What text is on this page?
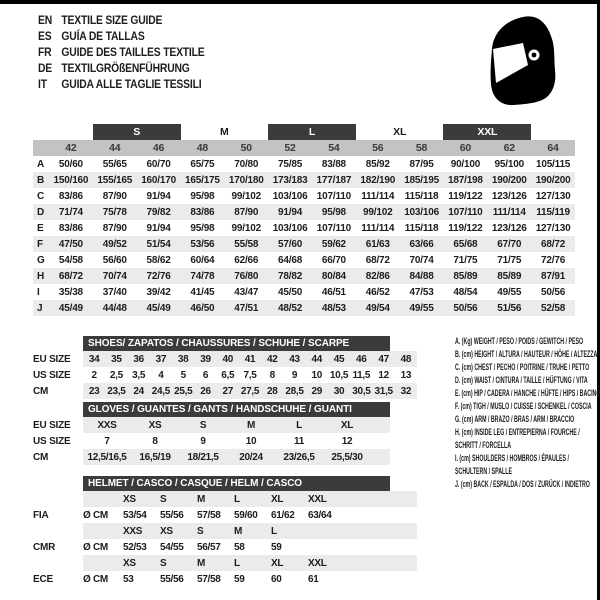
EN TEXTILE SIZE GUIDE
ES GUÍA DE TALLAS
FR GUIDE DES TAILLES TEXTILE
DE TEXTILGRÖßENFÜHRUNG
IT	GUIDA ALLE TAGLIE TESSILI
S	M	L	XL	XXL
42	44	46	48	50	52	54	56	58	60	62	64
A	50/60	55/65	60/70	65/75	70/80	75/85	83/88	85/92	87/95	90/100	95/100	105/115
B 150/160 155/165 160/170 165/175 170/180 173/183 177/187 182/190 185/195 187/198 190/200 190/200
C	83/86	87/90	91/94	95/98	99/102	103/106 107/110	111/114	115/118 119/122 123/126 127/130
D	71/74	75/78	79/82	83/86	87/90	91/94	95/98	99/102	103/106 107/110	111/114	115/119
E	83/86	87/90	91/94	95/98	99/102	103/106 107/110	111/114	115/118 119/122 123/126 127/130
F	47/50	49/52	51/54	53/56	55/58	57/60	59/62	61/63	63/66	65/68	67/70	68/72
G	54/58	56/60	58/62	60/64	62/66	64/68	66/70	68/72	70/74	71/75	71/75	72/76
H	68/72	70/74	72/76	74/78	76/80	78/82	80/84	82/86	84/88	85/89	85/89	87/91
I	35/38	37/40	39/42	41/45	43/47	45/50	46/51	46/52	47/53	48/54	49/55	50/56
J	45/49	44/48	45/49	46/50	47/51	48/52	48/53	49/54	49/55	50/56	51/56	52/58
SHOES/ ZAPATOS / CHAUSSURES / SCHUHE / SCARPE
EU SIZE	34	35	36	37	38	39	40	41	42	43	44	45	46	47	48
US SIZE	2	2,5 3,5	4	5	6	6,5 7,5	8	9	10 10,5 11,5 12	13
CM	23 23,5 24 24,5 25,5 26	27 27,5 28 28,5 29	30 30,5 31,5 32
GLOVES / GUANTES / GANTS / HANDSCHUHE / GUANTI
EU SIZE	XXS	XS	S	M	L	XL
US SIZE	7	8	9	10	11	12
CM	12,5/16,5	16,5/19	18/21,5	20/24	23/26,5	25,5/30
HELMET / CASCO / CASQUE / HELM / CASCO
XS	S	M	L	XL	XXL
FIA	Ø CM	53/54	55/56	57/58	59/60	61/62	63/64
XXS	XS	S	M	L
CMR	Ø CM	52/53	54/55	56/57	58	59
XS	S	M	L	XL	XXL
ECE	Ø CM	53	55/56	57/58	59	60	61
A. (Kg) WEIGHT / PESO / POIDS / GEWITCH / PESO
B. (cm) HEIGHT / ALTURA / HAUTEUR / HÖHE / ALTEZZA
C. (cm) CHEST / PECHO / POITRINE / TRUHE / PETTO
D. (cm) WAIST / CINTURA / TAILLE / HÜFTUNG / VITA
E. (cm) HIP / CADERA / HANCHE / HÜFTE / HIPS / BACINO
F. (cm) TIGH / MUSLO / CUISSE / SCHENKEL / COSCIA
G. (cm) ARM / BRAZO / BRAS / ARM / BRACCIO
H. (cm) INSIDE LEG / ENTREPIERNA / FOURCHE /
SCHRITT / FORCELLA
I. (cm) SHOULDERS / HOMBROS / ÉPAULES /
SCHULTERN / SPALLE
J. (cm) BACK / ESPALDA / DOS / ZURÜCK / INDIETRO
